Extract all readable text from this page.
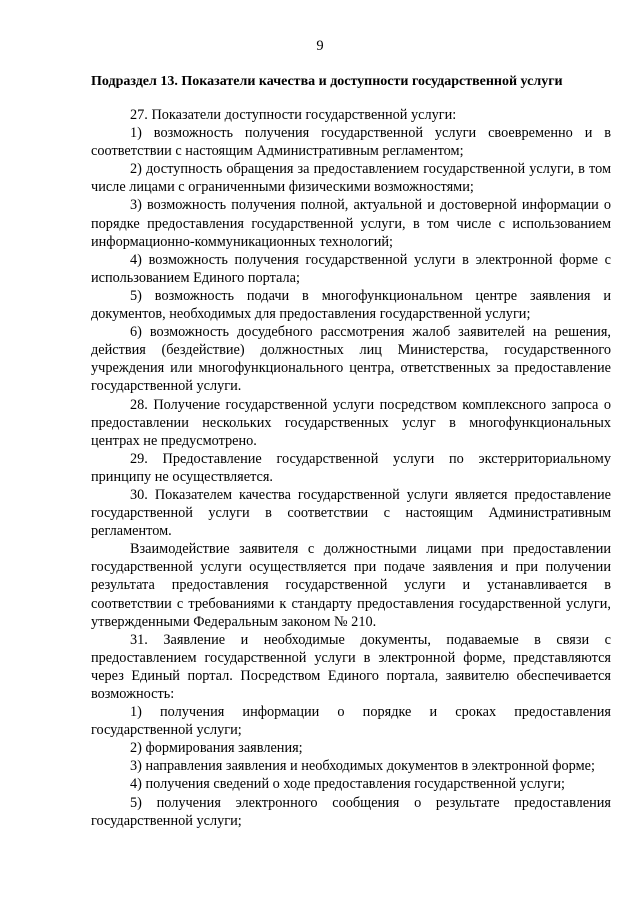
9
Подраздел 13. Показатели качества и доступности государственной услуги

27. Показатели доступности государственной услуги:

1) возможность получения государственной услуги своевременно и в соответствии с настоящим Административным регламентом;

2) доступность обращения за предоставлением государственной услуги, в том числе лицами с ограниченными физическими возможностями;

3) возможность получения полной, актуальной и достоверной информации о порядке предоставления государственной услуги, в том числе с использованием информационно-коммуникационных технологий;

4) возможность получения государственной услуги в электронной форме с использованием Единого портала;

5) возможность подачи в многофункциональном центре заявления и документов, необходимых для предоставления государственной услуги;

6) возможность досудебного рассмотрения жалоб заявителей на решения, действия (бездействие) должностных лиц Министерства, государственного учреждения или многофункционального центра, ответственных за предоставление государственной услуги.

28. Получение государственной услуги посредством комплексного запроса о предоставлении нескольких государственных услуг в многофункциональных центрах не предусмотрено.

29. Предоставление государственной услуги по экстерриториальному принципу не осуществляется.

30. Показателем качества государственной услуги является предоставление государственной услуги в соответствии с настоящим Административным регламентом.

Взаимодействие заявителя с должностными лицами при предоставлении государственной услуги осуществляется при подаче заявления и при получении результата предоставления государственной услуги и устанавливается в соответствии с требованиями к стандарту предоставления государственной услуги, утвержденными Федеральным законом № 210.

31. Заявление и необходимые документы, подаваемые в связи с предоставлением государственной услуги в электронной форме, представляются через Единый портал. Посредством Единого портала, заявителю обеспечивается возможность:

1) получения информации о порядке и сроках предоставления государственной услуги;

2) формирования заявления;

3) направления заявления и необходимых документов в электронной форме;

4) получения сведений о ходе предоставления государственной услуги;

5) получения электронного сообщения о результате предоставления государственной услуги;
